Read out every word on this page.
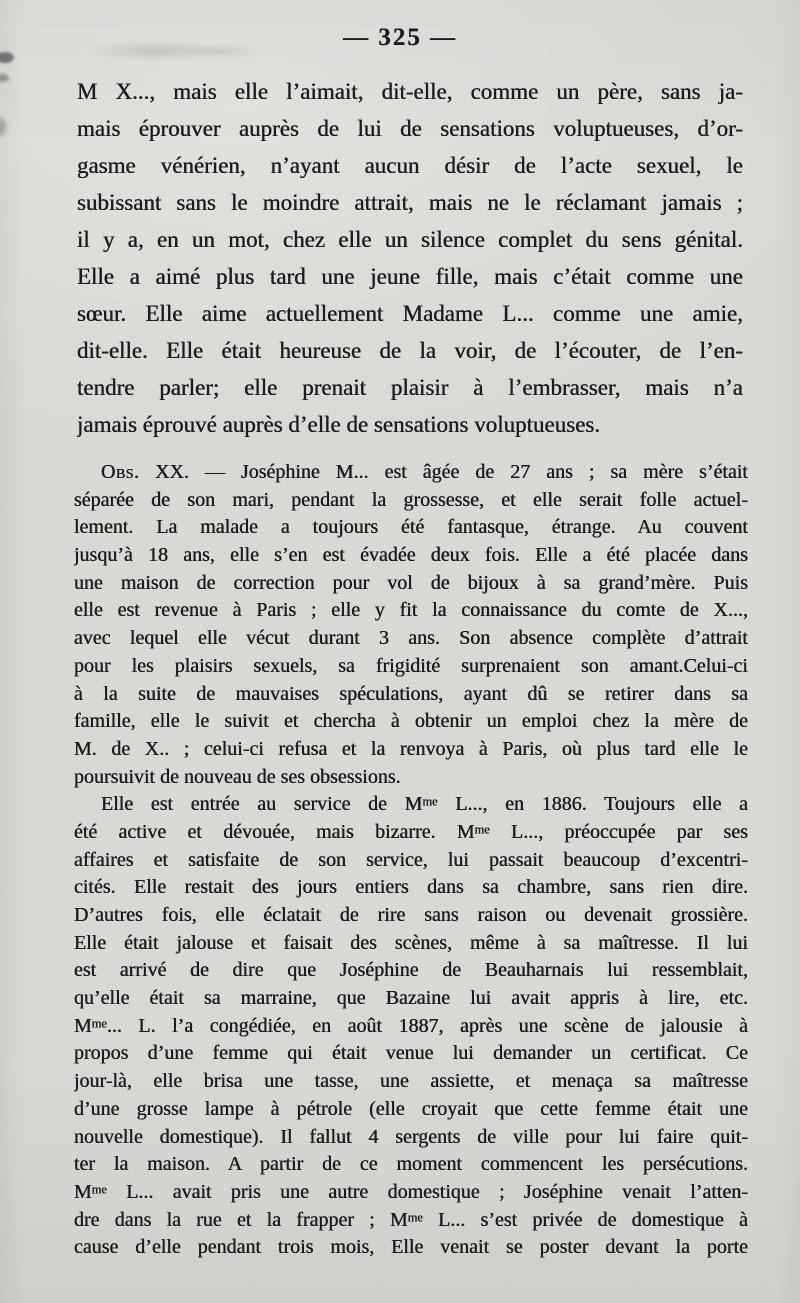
— 325 —
M X..., mais elle l’aimait, dit-elle, comme un père, sans ja-
mais éprouver auprès de lui de sensations voluptueuses, d’or-
gasme vénérien, n’ayant aucun désir de l’acte sexuel, le
subissant sans le moindre attrait, mais ne le réclamant jamais ;
il y a, en un mot, chez elle un silence complet du sens génital.
Elle a aimé plus tard une jeune fille, mais c’était comme une
sœur. Elle aime actuellement Madame L... comme une amie,
dit-elle. Elle était heureuse de la voir, de l’écouter, de l’en-
tendre parler; elle prenait plaisir à l’embrasser, mais n’a
jamais éprouvé auprès d’elle de sensations voluptueuses.
Obs. XX. — Joséphine M... est âgée de 27 ans ; sa mère s’était
séparée de son mari, pendant la grossesse, et elle serait folle actuel-
lement. La malade a toujours été fantasque, étrange. Au couvent
jusqu’à 18 ans, elle s’en est évadée deux fois. Elle a été placée dans
une maison de correction pour vol de bijoux à sa grand’mère. Puis
elle est revenue à Paris ; elle y fit la connaissance du comte de X...,
avec lequel elle vécut durant 3 ans. Son absence complète d’attrait
pour les plaisirs sexuels, sa frigidité surprenaient son amant.Celui-ci
à la suite de mauvaises spéculations, ayant dû se retirer dans sa
famille, elle le suivit et chercha à obtenir un emploi chez la mère de
M. de X.. ; celui-ci refusa et la renvoya à Paris, où plus tard elle le
poursuivit de nouveau de ses obsessions.
Elle est entrée au service de $M^{me}$ L..., en 1886. Toujours elle a
été active et dévouée, mais bizarre. $M^{me}$ L..., préoccupée par ses
affaires et satisfaite de son service, lui passait beaucoup d’excentri-
cités. Elle restait des jours entiers dans sa chambre, sans rien dire.
D’autres fois, elle éclatait de rire sans raison ou devenait grossière.
Elle était jalouse et faisait des scènes, même à sa maîtresse. Il lui
est arrivé de dire que Joséphine de Beauharnais lui ressemblait,
qu’elle était sa marraine, que Bazaine lui avait appris à lire, etc.
$M^{me}$... L. l’a congédiée, en août 1887, après une scène de jalousie à
propos d’une femme qui était venue lui demander un certificat. Ce
jour-là, elle brisa une tasse, une assiette, et menaça sa maîtresse
d’une grosse lampe à pétrole (elle croyait que cette femme était une
nouvelle domestique). Il fallut 4 sergents de ville pour lui faire quit-
ter la maison. A partir de ce moment commencent les persécutions.
$M^{me}$ L... avait pris une autre domestique ; Joséphine venait l’atten-
dre dans la rue et la frapper ; $M^{me}$ L... s’est privée de domestique à
cause d’elle pendant trois mois, Elle venait se poster devant la porte
